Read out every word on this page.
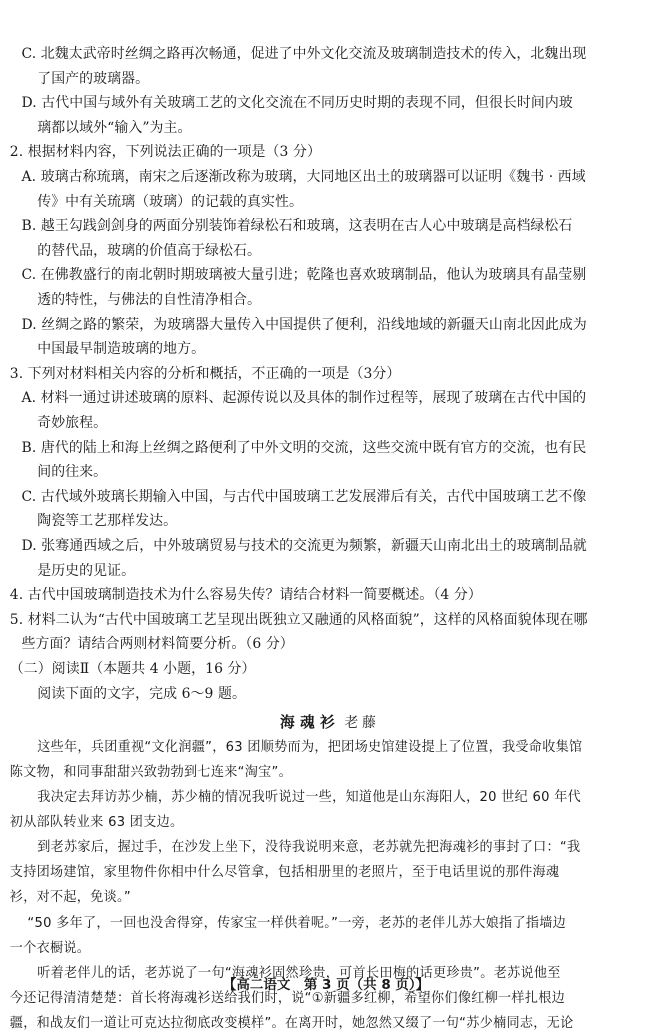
C. 北魏太武帝时丝绸之路再次畅通，促进了中外文化交流及玻璃制造技术的传入，北魏出现
了国产的玻璃器。
D. 古代中国与域外有关玻璃工艺的文化交流在不同历史时期的表现不同，但很长时间内玻
璃都以域外“输入”为主。
2. 根据材料内容，下列说法正确的一项是（3 分）
A. 玻璃古称琉璃，南宋之后逐渐改称为玻璃，大同地区出土的玻璃器可以证明《魏书 · 西域
传》中有关琉璃（玻璃）的记载的真实性。
B. 越王勾践剑剑身的两面分别装饰着绿松石和玻璃，这表明在古人心中玻璃是高档绿松石
的替代品，玻璃的价值高于绿松石。
C. 在佛教盛行的南北朝时期玻璃被大量引进；乾隆也喜欢玻璃制品，他认为玻璃具有晶莹剔
透的特性，与佛法的自性清净相合。
D. 丝绸之路的繁荣，为玻璃器大量传入中国提供了便利，沿线地域的新疆天山南北因此成为
中国最早制造玻璃的地方。
3. 下列对材料相关内容的分析和概括，不正确的一项是（3分）
A. 材料一通过讲述玻璃的原料、起源传说以及具体的制作过程等，展现了玻璃在古代中国的
奇妙旅程。
B. 唐代的陆上和海上丝绸之路便利了中外文明的交流，这些交流中既有官方的交流，也有民
间的往来。
C. 古代域外玻璃长期输入中国，与古代中国玻璃工艺发展滞后有关，古代中国玻璃工艺不像
陶瓷等工艺那样发达。
D. 张骞通西域之后，中外玻璃贸易与技术的交流更为频繁，新疆天山南北出土的玻璃制品就
是历史的见证。
4. 古代中国玻璃制造技术为什么容易失传？请结合材料一简要概述。（4 分）
5. 材料二认为“古代中国玻璃工艺呈现出既独立又融通的风格面貌”，这样的风格面貌体现在哪
些方面？请结合两则材料简要分析。（6 分）
（二）阅读Ⅱ（本题共 4 小题，16 分）
阅读下面的文字，完成 6～9 题。
海 魂 衫 老藤
这些年，兵团重视“文化润疆”，63 团顺势而为，把团场史馆建设提上了位置，我受命收集馆
陈文物，和同事甜甜兴致勃勃到七连来“淘宝”。
我决定去拜访苏少楠，苏少楠的情况我听说过一些，知道他是山东海阳人，20 世纪 60 年代
初从部队转业来 63 团支边。
到老苏家后，握过手，在沙发上坐下，没待我说明来意，老苏就先把海魂衫的事封了口：“我
支持团场建馆，家里物件你相中什么尽管拿，包括相册里的老照片，至于电话里说的那件海魂
衫，对不起，免谈。”
“50 多年了，一回也没舍得穿，传家宝一样供着呢。”一旁，老苏的老伴儿苏大娘指了指墙边
一个衣橱说。
听着老伴儿的话，老苏说了一句“海魂衫固然珍贵，可首长田梅的话更珍贵”。老苏说他至
今还记得清清楚楚：首长将海魂衫送给我们时，说“①新疆多红柳，希望你们像红柳一样扎根边
疆，和战友们一道让可克达拉彻底改变模样”。在离开时，她忽然又缀了一句“苏少楠同志，无论
【高二语文　第 3 页（共 8 页）】
